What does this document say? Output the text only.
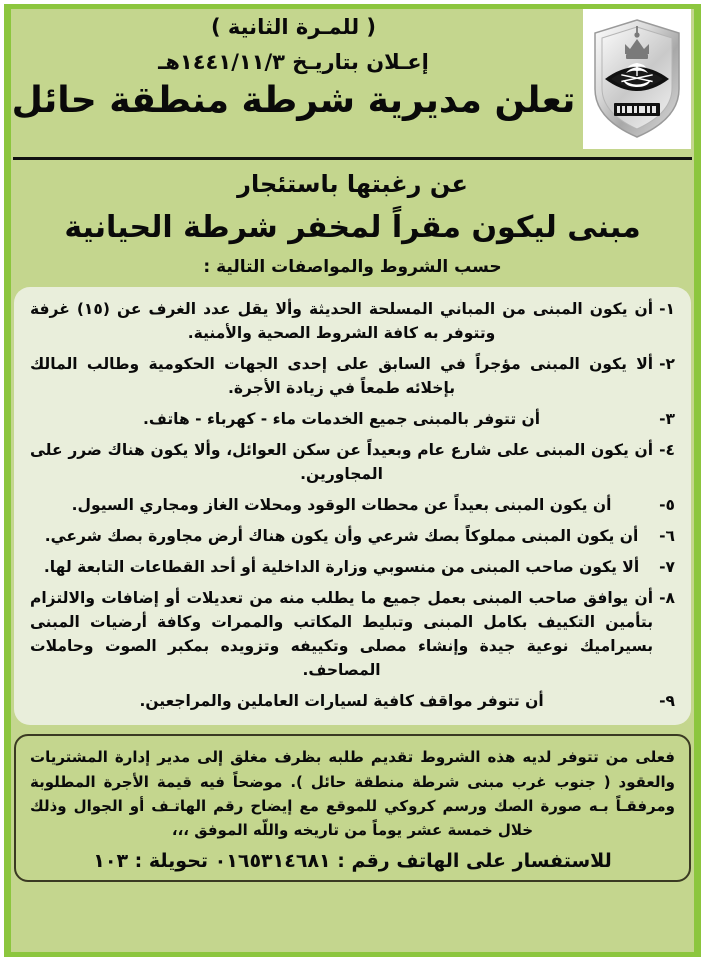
( للمـرة الثانية )
إعـلان بتاريـخ ١٤٤١/١١/٣هـ
تعلن مديرية شرطة منطقة حائل
عن رغبتها باستئجار
مبنى ليكون مقراً لمخفر شرطة الحيانية
حسب الشروط والمواصفات التالية :
١-
أن يكون المبنى من المباني المسلحة الحديثة وألا يقل عدد الغرف عن (١٥) غرفة وتتوفر به كافة الشروط الصحية والأمنية.
٢-
ألا يكون المبنى مؤجراً في السابق على إحدى الجهات الحكومية وطالب المالك بإخلائه طمعاً في زيادة الأجرة.
٣-
أن تتوفر بالمبنى جميع الخدمات ماء - كهرباء - هاتف.
٤-
أن يكون المبنى على شارع عام وبعيداً عن سكن العوائل، وألا يكون هناك ضرر على المجاورين.
٥-
أن يكون المبنى بعيداً عن محطات الوقود ومحلات الغاز ومجاري السيول.
٦-
أن يكون المبنى مملوكاً بصك شرعي وأن يكون هناك أرض مجاورة بصك شرعي.
٧-
ألا يكون صاحب المبنى من منسوبي وزارة الداخلية أو أحد القطاعات التابعة لها.
٨-
أن يوافق صاحب المبنى بعمل جميع ما يطلب منه من تعديلات أو إضافات والالتزام بتأمين التكييف بكامل المبنى وتبليط المكاتب والممرات وكافة أرضيات المبنى بسيراميك نوعية جيدة وإنشاء مصلى وتكييفه وتزويده بمكبر الصوت وحاملات المصاحف.
٩-
أن تتوفر مواقف كافية لسيارات العاملين والمراجعين.
فعلى من تتوفر لديه هذه الشروط تقديم طلبه بظرف مغلق إلى مدير إدارة المشتريات والعقود ( جنوب غرب مبنى شرطة منطقة حائل ). موضحاً فيه قيمة الأجرة المطلوبة ومرفقـاً بـه صورة الصك ورسم كروكي للموقع مع إيضاح رقم الهاتـف أو الجوال وذلك خلال خمسة عشر يوماً من تاريخه واللّه الموفق ،،،
للاستفسار على الهاتف رقم : ٠١٦٥٣١٤٦٨١ تحويلة : ١٠٣
